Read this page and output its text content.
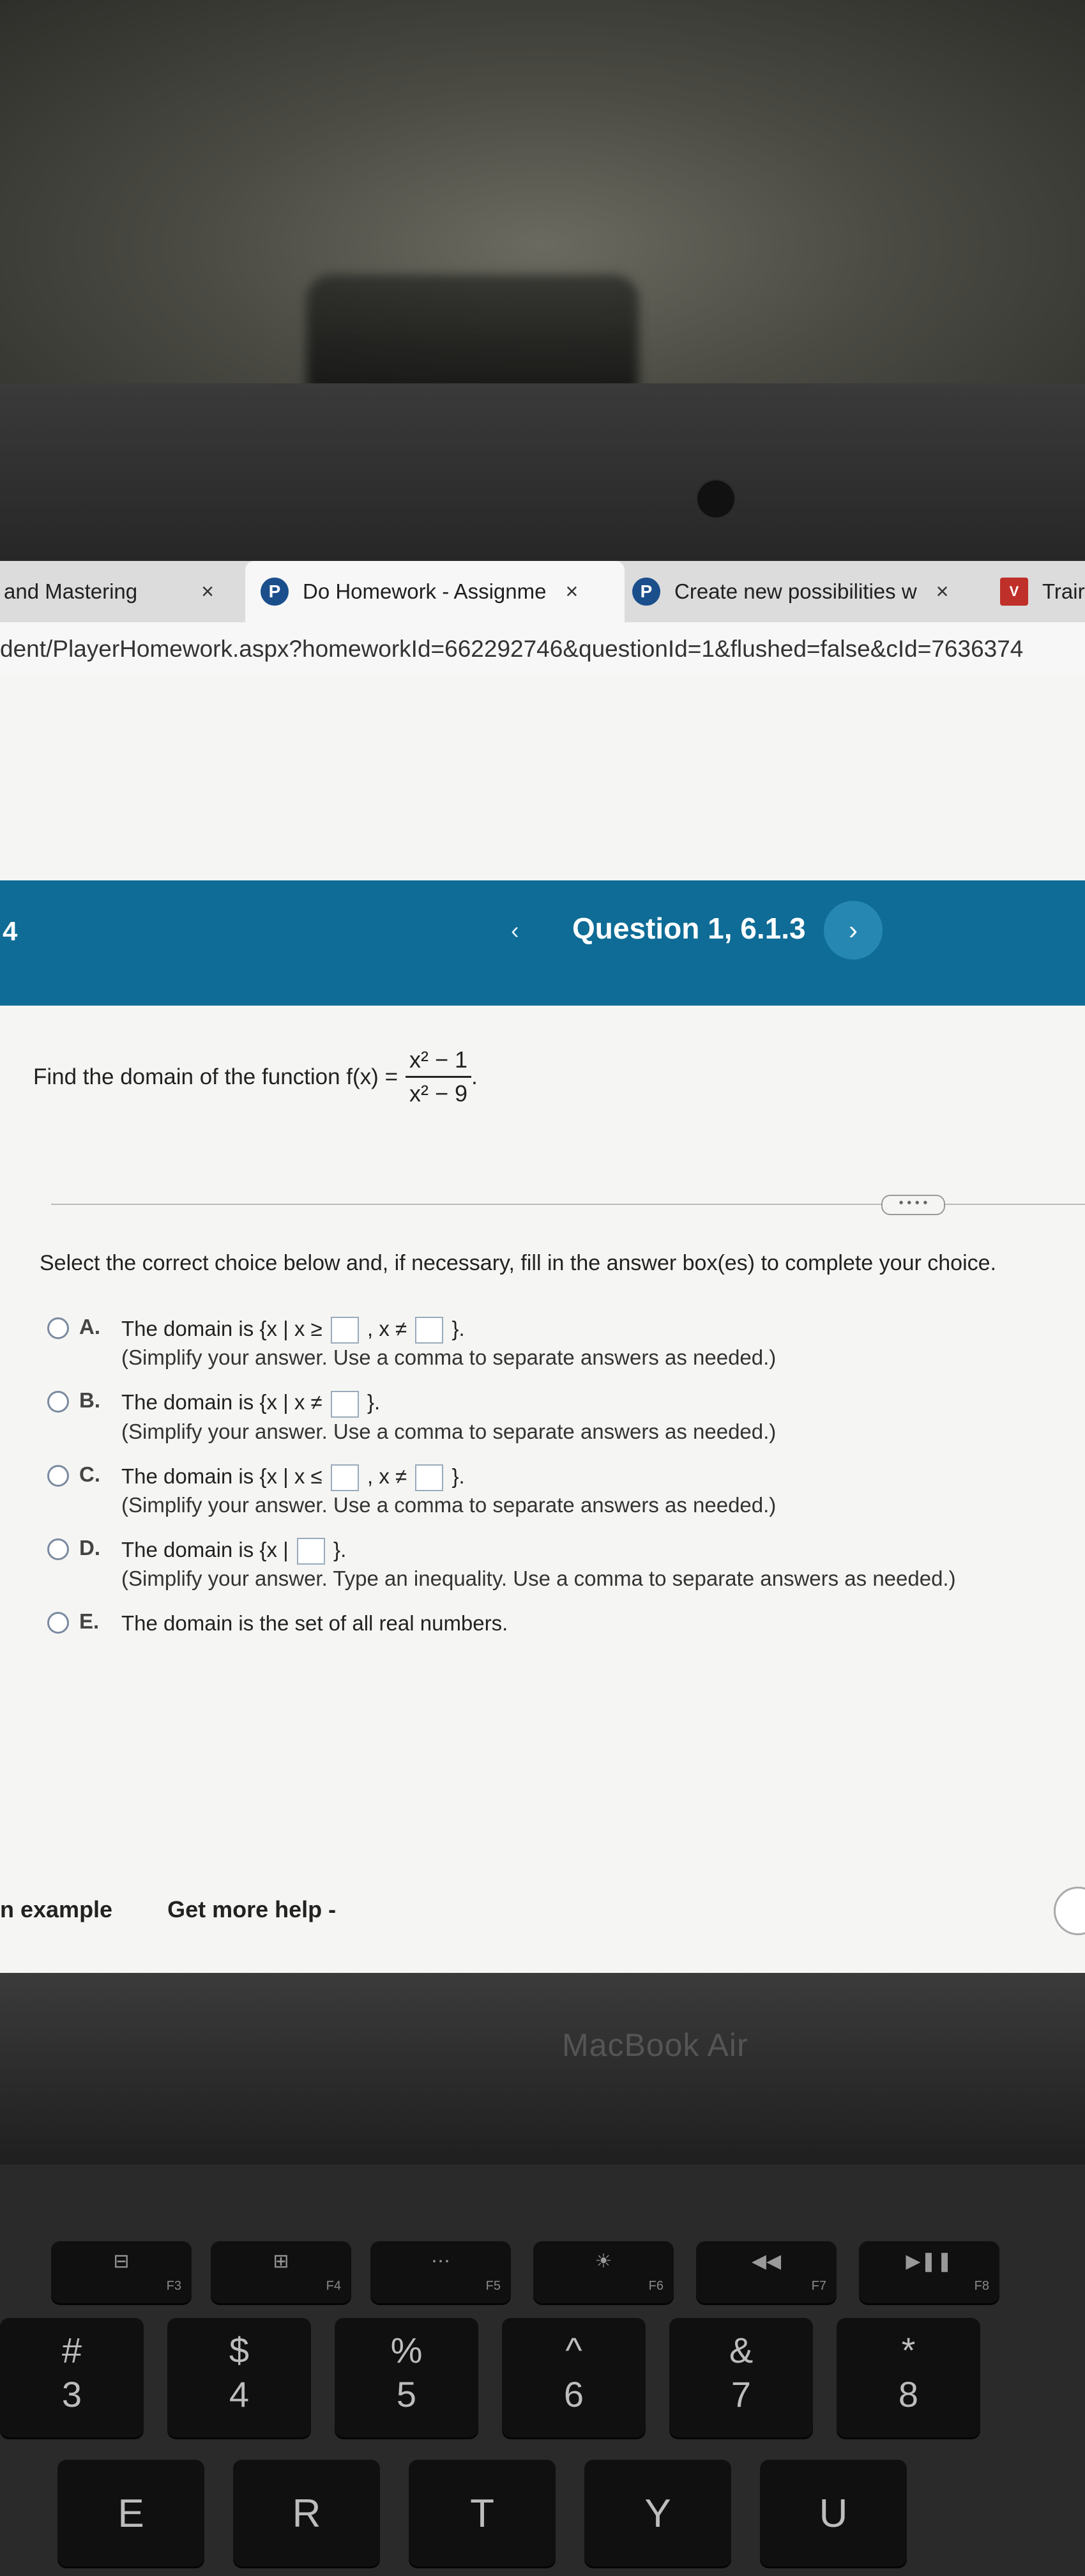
and Mastering	×	P	Do Homework - Assignme ×	P	Create new possibilities w ×	V	Trair
dent/PlayerHomework.aspx?homeworkId=662292746&questionId=1&flushed=false&cId=7636374
4	‹ Question 1, 6.1.3 ›
Find the domain of the function $f(x) = \frac{\text{x² − 1}}{\text{x² − 9}}$ .
• • • •
Select the correct choice below and, if necessary, fill in the answer box(es) to complete your choice.
A. The domain is {x | x ≥ , x ≠ }.
(Simplify your answer. Use a comma to separate answers as needed.)
B. The domain is {x | x ≠ }.
(Simplify your answer. Use a comma to separate answers as needed.)
C. The domain is {x | x ≤ , x ≠ }.
(Simplify your answer. Use a comma to separate answers as needed.)
D. The domain is {x | }.
(Simplify your answer. Type an inequality. Use a comma to separate answers as needed.)
E. The domain is the set of all real numbers.
n example Get more help -
MacBook Air
⊟
F3
⊞
F4
⋯
F5
☀
F6
◀◀
F7
▶❚❚
F8
#
3
$
4
%
5
^
6
&
7
*
8
E	R	T	Y	U
